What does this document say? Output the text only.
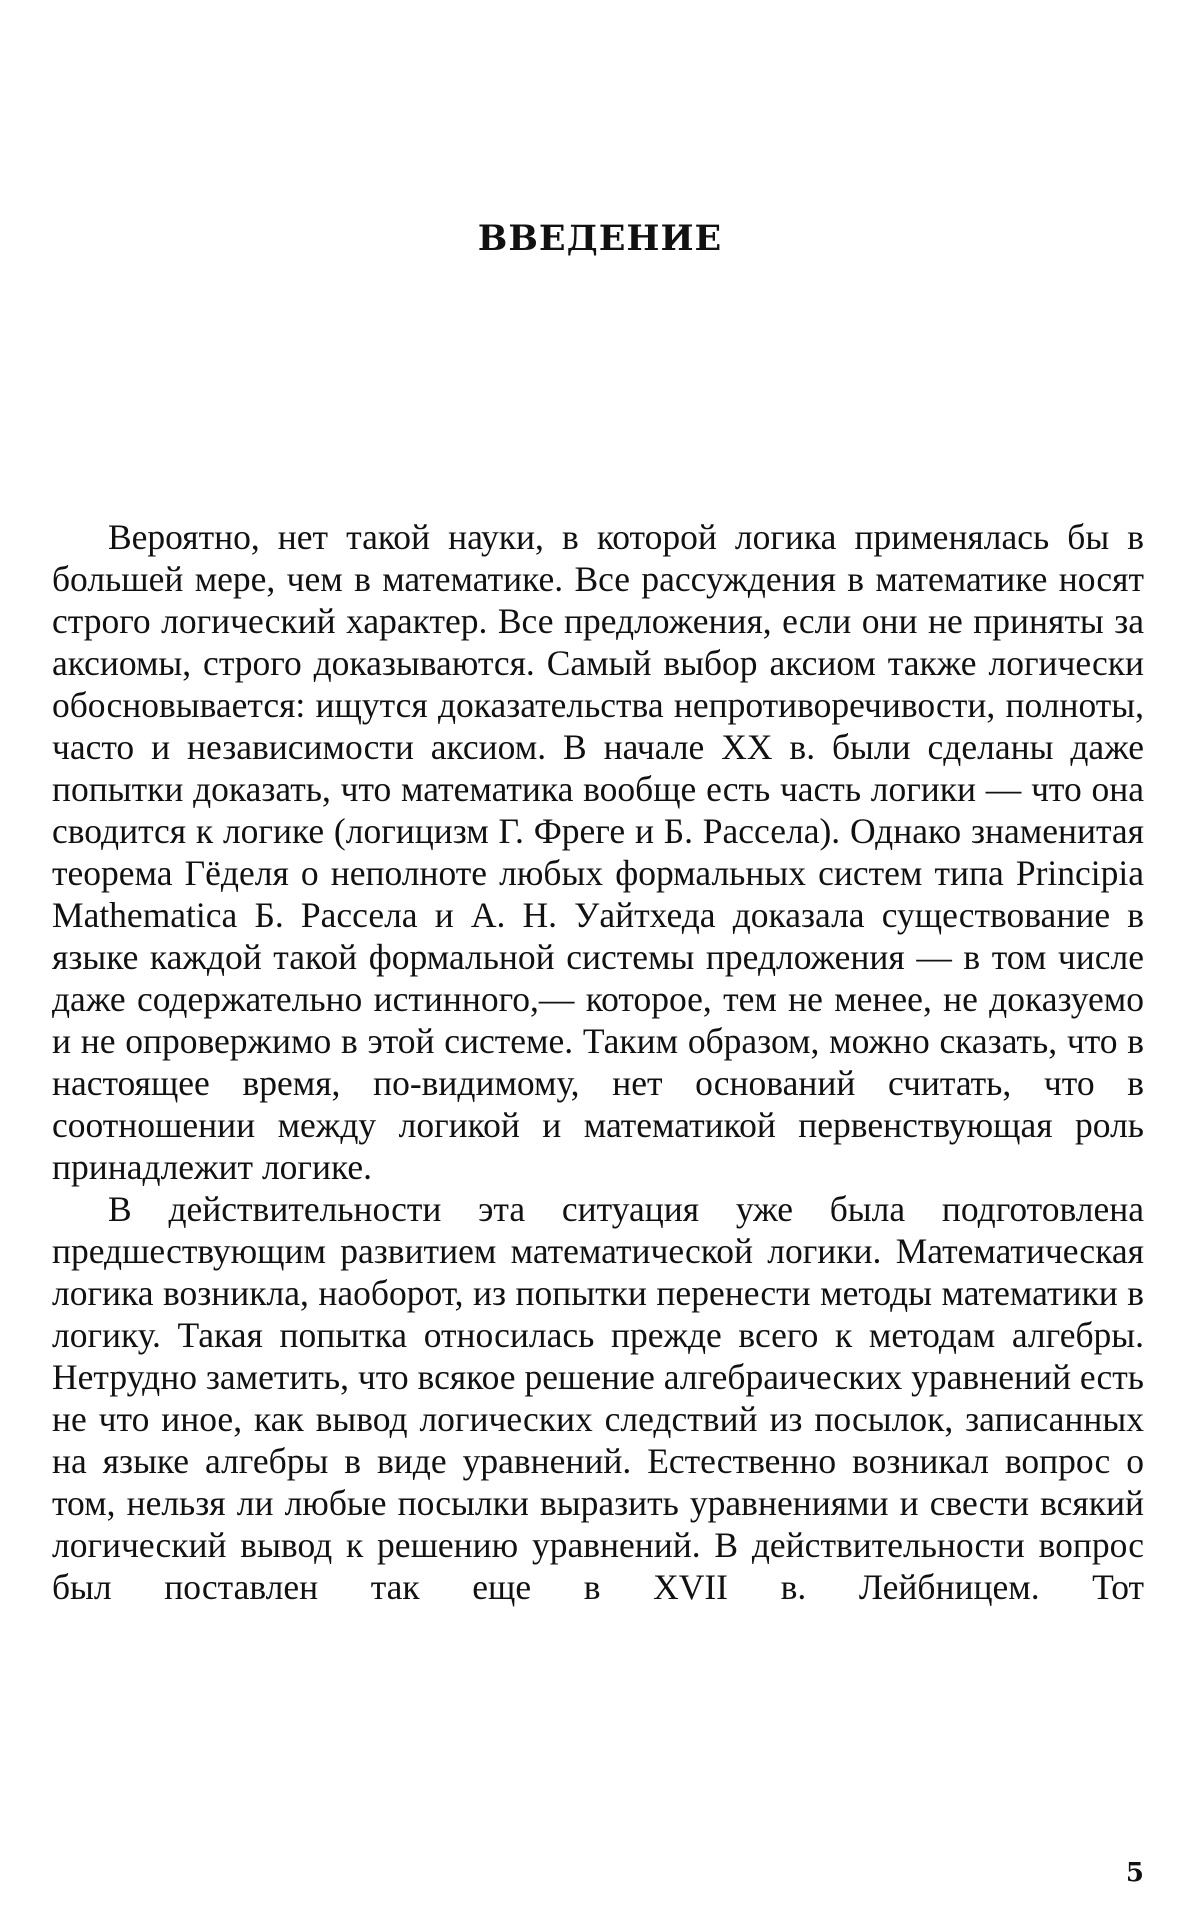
ВВЕДЕНИЕ

Вероятно, нет такой науки, в которой логика применялась бы в большей мере, чем в математике. Все рассуждения в математике носят строго логический характер. Все предложения, если они не приняты за аксиомы, строго доказываются. Самый выбор аксиом также логически обосновывается: ищутся доказательства непротиворечивости, полноты, часто и независимости аксиом. В начале XX в. были сделаны даже попытки доказать, что математика вообще есть часть логики — что она сводится к логике (логицизм Г. Фреге и Б. Рассела). Однако знаменитая теорема Гёделя о неполноте любых формальных систем типа Principia Mathematica Б. Рассела и А. Н. Уайтхеда доказала существование в языке каждой такой формальной системы предложения — в том числе даже содержательно истинного,— которое, тем не менее, не доказуемо и не опровержимо в этой системе. Таким образом, можно сказать, что в настоящее время, по-видимому, нет оснований считать, что в соотношении между логикой и математикой первенствующая роль принадлежит логике.

В действительности эта ситуация уже была подготовлена предшествующим развитием математической логики. Математическая логика возникла, наоборот, из попытки перенести методы математики в логику. Такая попытка относилась прежде всего к методам алгебры. Нетрудно заметить, что всякое решение алгебраических уравнений есть не что иное, как вывод логических следствий из посылок, записанных на языке алгебры в виде уравнений. Естественно возникал вопрос о том, нельзя ли любые посылки выразить уравнениями и свести всякий логический вывод к решению уравнений. В действительности вопрос был поставлен так еще в XVII в. Лейбницем. Тот

5
